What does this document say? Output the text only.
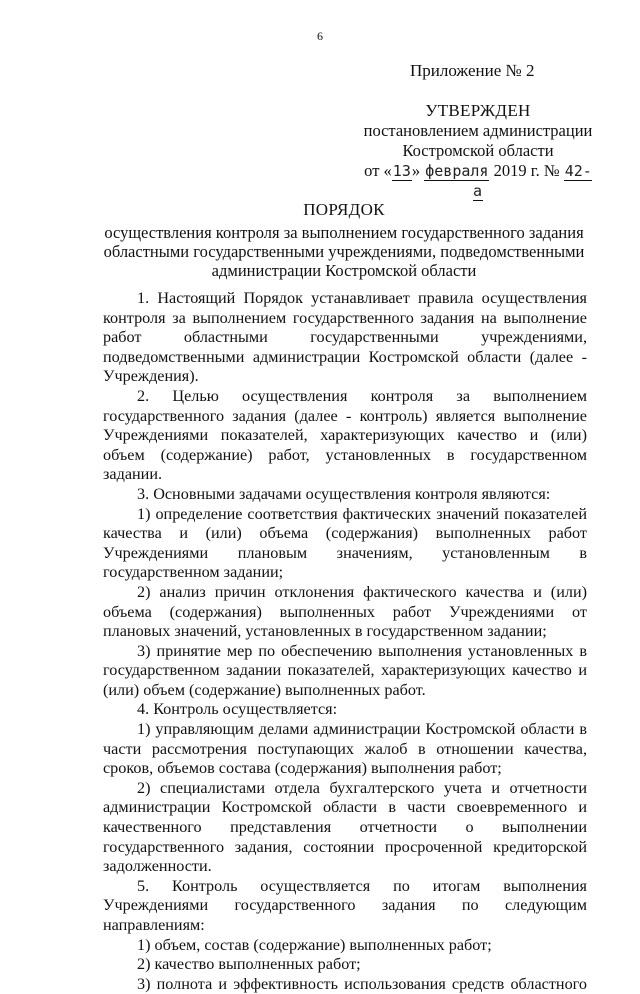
6
Приложение № 2
УТВЕРЖДЕН
постановлением администрации
Костромской области
от «13» февраля 2019 г. № 42-а
ПОРЯДОК
осуществления контроля за выполнением государственного задания областными государственными учреждениями, подведомственными администрации Костромской области

1. Настоящий Порядок устанавливает правила осуществления контроля за выполнением государственного задания на выполнение работ областными государственными учреждениями, подведомственными администрации Костромской области (далее - Учреждения).

2. Целью осуществления контроля за выполнением государственного задания (далее - контроль) является выполнение Учреждениями показателей, характеризующих качество и (или) объем (содержание) работ, установленных в государственном задании.

3. Основными задачами осуществления контроля являются:

1) определение соответствия фактических значений показателей качества и (или) объема (содержания) выполненных работ Учреждениями плановым значениям, установленным в государственном задании;

2) анализ причин отклонения фактического качества и (или) объема (содержания) выполненных работ Учреждениями от плановых значений, установленных в государственном задании;

3) принятие мер по обеспечению выполнения установленных в государственном задании показателей, характеризующих качество и (или) объем (содержание) выполненных работ.

4. Контроль осуществляется:

1) управляющим делами администрации Костромской области в части рассмотрения поступающих жалоб в отношении качества, сроков, объемов состава (содержания) выполнения работ;

2) специалистами отдела бухгалтерского учета и отчетности администрации Костромской области в части своевременного и качественного представления отчетности о выполнении государственного задания, состоянии просроченной кредиторской задолженности.

5. Контроль осуществляется по итогам выполнения Учреждениями государственного задания по следующим направлениям:

1) объем, состав (содержание) выполненных работ;

2) качество выполненных работ;

3) полнота и эффективность использования средств областного
